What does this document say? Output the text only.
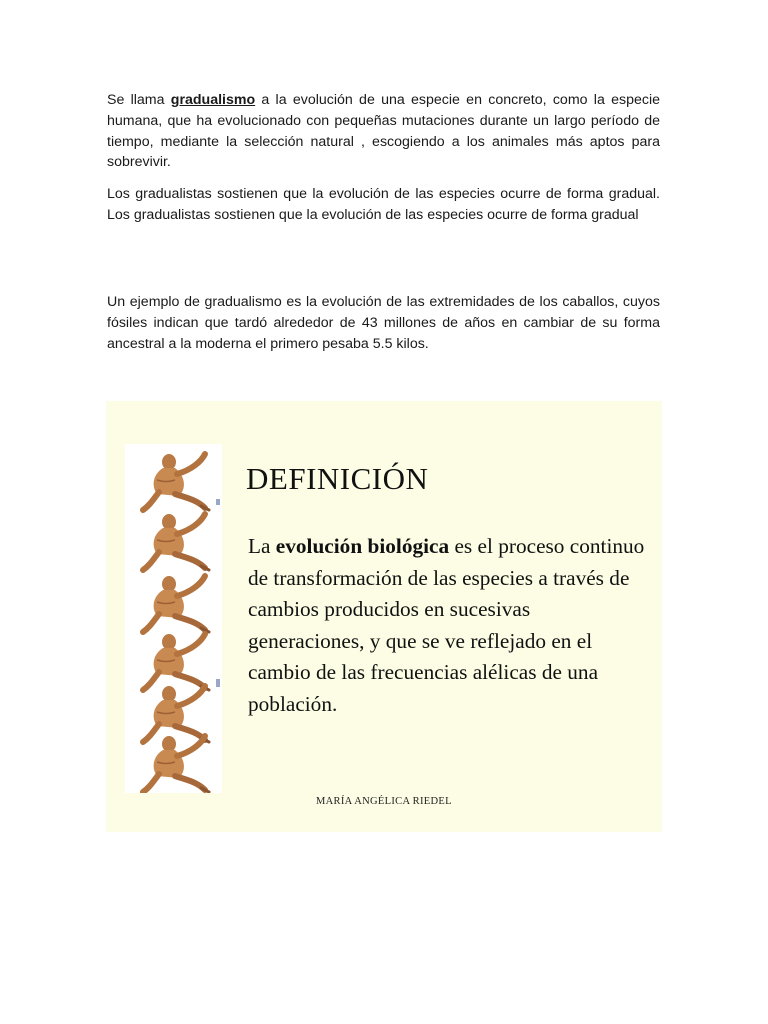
Se llama gradualismo a la evolución de una especie en concreto, como la especie humana, que ha evolucionado con pequeñas mutaciones durante un largo período de tiempo, mediante la selección natural , escogiendo a los animales más aptos para sobrevivir.
Los gradualistas sostienen que la evolución de las especies ocurre de forma gradual. Los gradualistas sostienen que la evolución de las especies ocurre de forma gradual
Un ejemplo de gradualismo es la evolución de las extremidades de los caballos, cuyos fósiles indican que tardó alrededor de 43 millones de años en cambiar de su forma ancestral a la moderna el primero pesaba 5.5 kilos.
DEFINICIÓN
La evolución biológica es el proceso continuo de transformación de las especies a través de cambios producidos en sucesivas generaciones, y que se ve reflejado en el cambio de las frecuencias alélicas de una población.
MARÍA ANGÉLICA RIEDEL
